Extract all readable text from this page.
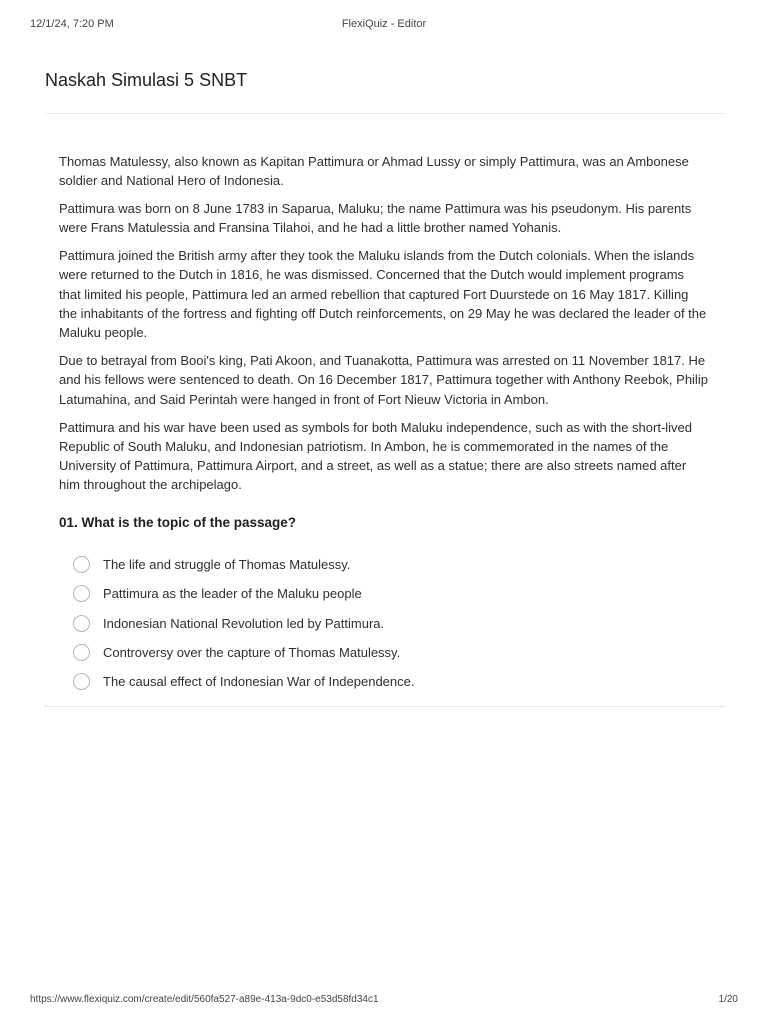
12/1/24, 7:20 PM	FlexiQuiz - Editor
Naskah Simulasi 5 SNBT

Thomas Matulessy, also known as Kapitan Pattimura or Ahmad Lussy or simply Pattimura, was an Ambonese soldier and National Hero of Indonesia.

Pattimura was born on 8 June 1783 in Saparua, Maluku; the name Pattimura was his pseudonym. His parents were Frans Matulessia and Fransina Tilahoi, and he had a little brother named Yohanis.

Pattimura joined the British army after they took the Maluku islands from the Dutch colonials. When the islands were returned to the Dutch in 1816, he was dismissed. Concerned that the Dutch would implement programs that limited his people, Pattimura led an armed rebellion that captured Fort Duurstede on 16 May 1817. Killing the inhabitants of the fortress and fighting off Dutch reinforcements, on 29 May he was declared the leader of the Maluku people.

Due to betrayal from Booi's king, Pati Akoon, and Tuanakotta, Pattimura was arrested on 11 November 1817. He and his fellows were sentenced to death. On 16 December 1817, Pattimura together with Anthony Reebok, Philip Latumahina, and Said Perintah were hanged in front of Fort Nieuw Victoria in Ambon.

Pattimura and his war have been used as symbols for both Maluku independence, such as with the short-lived Republic of South Maluku, and Indonesian patriotism. In Ambon, he is commemorated in the names of the University of Pattimura, Pattimura Airport, and a street, as well as a statue; there are also streets named after him throughout the archipelago.

01. What is the topic of the passage?
The life and struggle of Thomas Matulessy.
Pattimura as the leader of the Maluku people
Indonesian National Revolution led by Pattimura.
Controversy over the capture of Thomas Matulessy.
The causal effect of Indonesian War of Independence.
https://www.flexiquiz.com/create/edit/560fa527-a89e-413a-9dc0-e53d58fd34c1	1/20
